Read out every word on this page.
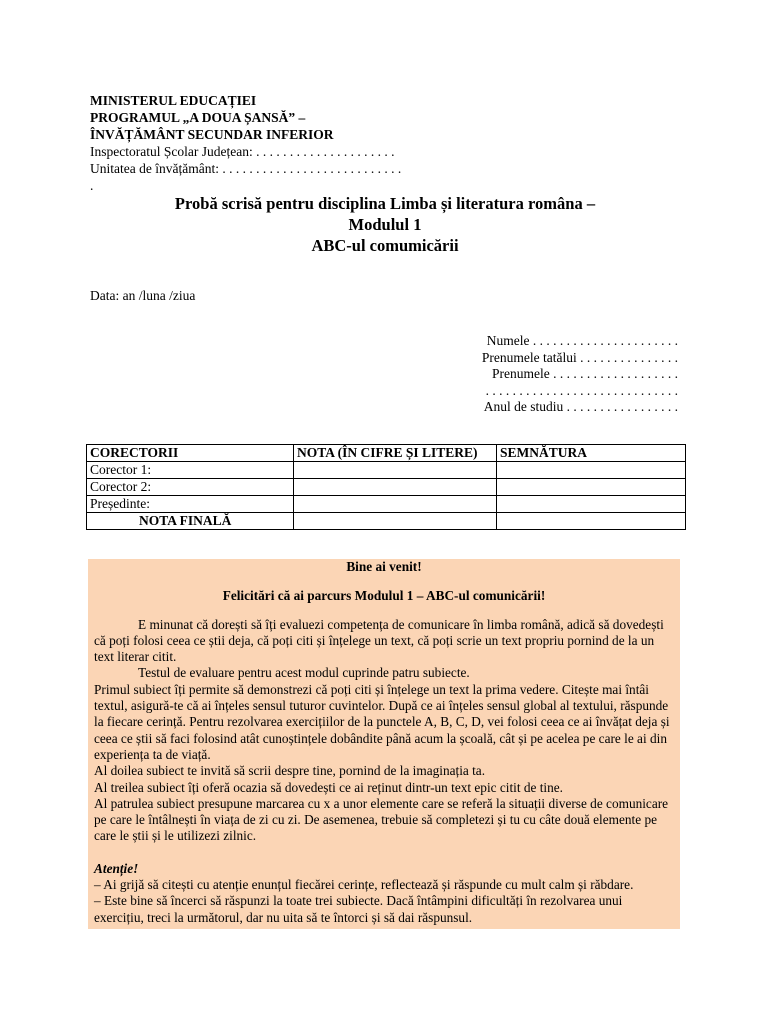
MINISTERUL EDUCAȚIEI
PROGRAMUL „A DOUA ȘANSĂ” –
ÎNVĂȚĂMÂNT SECUNDAR INFERIOR
Inspectoratul Școlar Județean: . . . . . . . . . . . . . . . . . . . . .
Unitatea de învățământ: . . . . . . . . . . . . . . . . . . . . . . . . . . .
.
Probă scrisă pentru disciplina Limba și literatura româna –
Modulul 1
ABC-ul comumicării
Data: an /luna /ziua
Numele . . . . . . . . . . . . . . . . . . . . . .
Prenumele tatălui . . . . . . . . . . . . . . .
Prenumele . . . . . . . . . . . . . . . . . . .
. . . . . . . . . . . . . . . . . . . . . . . . . . . . .
Anul de studiu . . . . . . . . . . . . . . . . .
CORECTORII	NOTA (ÎN CIFRE ȘI LITERE)	SEMNĂTURA
Corector 1:		
Corector 2:		
Președinte:		
NOTA FINALĂ		

Bine ai venit!

Felicitări că ai parcurs Modulul 1 – ABC-ul comunicării!

E minunat că dorești să îți evaluezi competența de comunicare în limba română, adică să dovedești că poți folosi ceea ce știi deja, că poți citi și înțelege un text, că poți scrie un text propriu pornind de la un text literar citit.

Testul de evaluare pentru acest modul cuprinde patru subiecte.

Primul subiect îți permite să demonstrezi că poți citi și înțelege un text la prima vedere. Citește mai întâi textul, asigură-te că ai înțeles sensul tuturor cuvintelor. După ce ai înțeles sensul global al textului, răspunde la fiecare cerință. Pentru rezolvarea exercițiilor de la punctele A, B, C, D, vei folosi ceea ce ai învățat deja și ceea ce știi să faci folosind atât cunoștințele dobândite până acum la școală, cât și pe acelea pe care le ai din experiența ta de viață.

Al doilea subiect te invită să scrii despre tine, pornind de la imaginația ta.

Al treilea subiect îți oferă ocazia să dovedești ce ai reținut dintr-un text epic citit de tine.

Al patrulea subiect presupune marcarea cu x a unor elemente care se referă la situații diverse de comunicare pe care le întâlnești în viața de zi cu zi. De asemenea, trebuie să completezi și tu cu câte două elemente pe care le știi și le utilizezi zilnic.

Atenție!

– Ai grijă să citești cu atenție enunțul fiecărei cerințe, reflectează și răspunde cu mult calm și răbdare.

– Este bine să încerci să răspunzi la toate trei subiecte. Dacă întâmpini dificultăți în rezolvarea unui exercițiu, treci la următorul, dar nu uita să te întorci și să dai răspunsul.
